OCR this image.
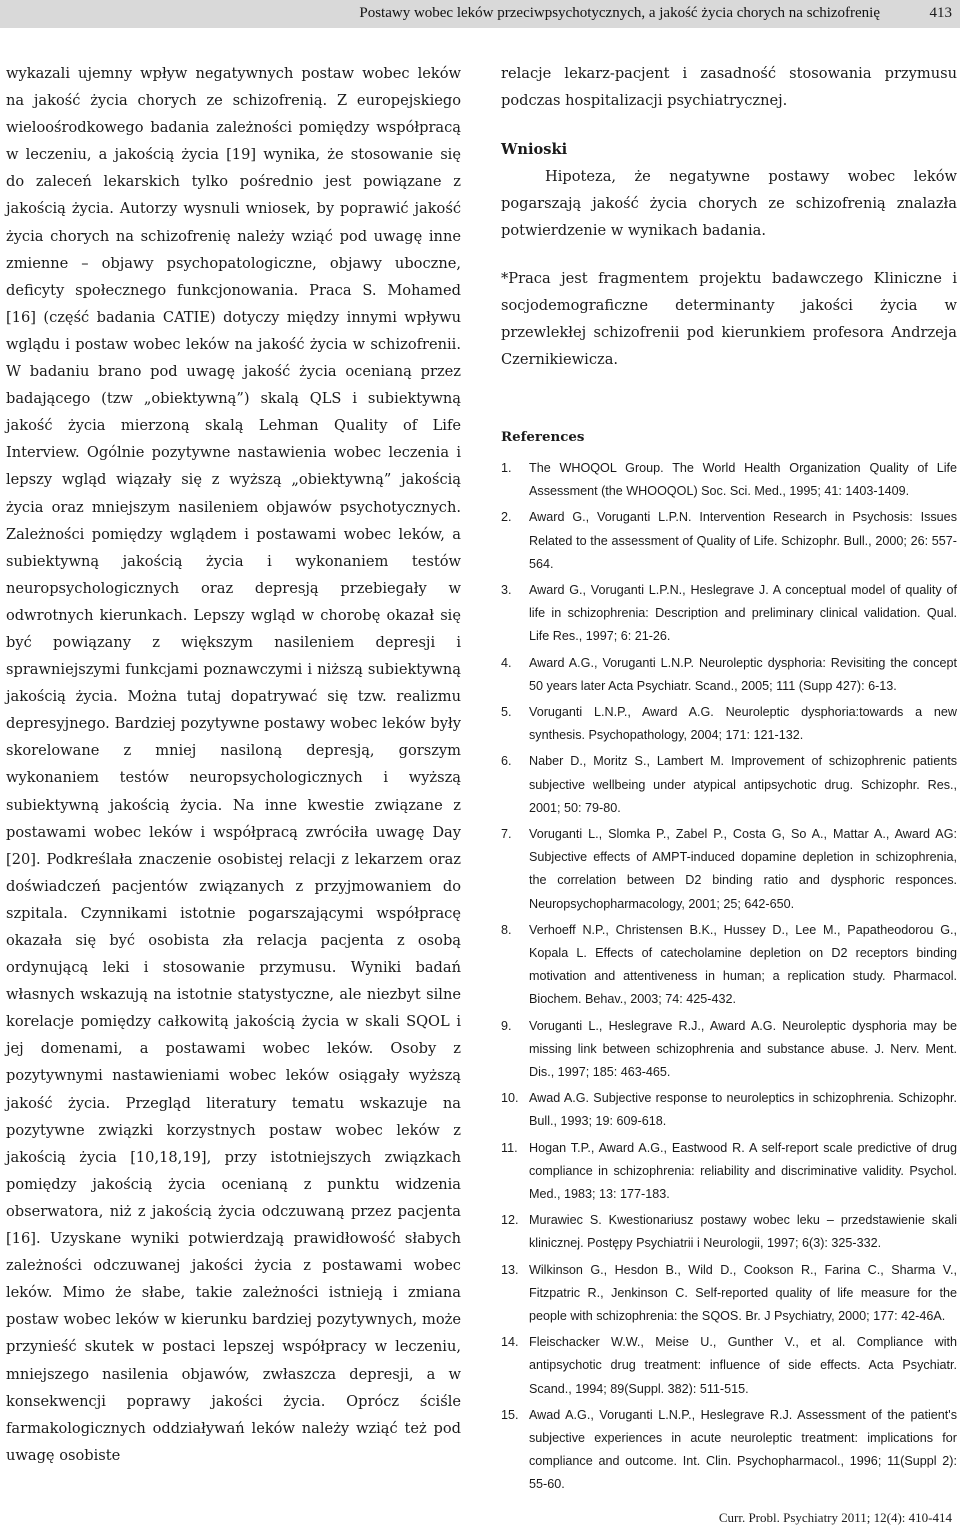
Postawy wobec leków przeciwpsychotycznych, a jakość życia chorych na schizofrenię	413

wykazali ujemny wpływ negatywnych postaw wobec leków na jakość życia chorych ze schizofrenią. Z europejskiego wieloośrodkowego badania zależności pomiędzy współpracą w leczeniu, a jakością życia [19] wynika, że stosowanie się do zaleceń lekarskich tylko pośrednio jest powiązane z jakością życia. Autorzy wysnuli wniosek, by poprawić jakość życia chorych na schizofrenię należy wziąć pod uwagę inne zmienne – objawy psychopatologiczne, objawy uboczne, deficyty społecznego funkcjonowania. Praca S. Mohamed [16] (część badania CATIE) dotyczy między innymi wpływu wglądu i postaw wobec leków na jakość życia w schizofrenii. W badaniu brano pod uwagę jakość życia ocenianą przez badającego (tzw „obiektywną”) skalą QLS i subiektywną jakość życia mierzoną skalą Lehman Quality of Life Interview. Ogólnie pozytywne nastawienia wobec leczenia i lepszy wgląd wiązały się z wyższą „obiektywną” jakością życia oraz mniejszym nasileniem objawów psychotycznych. Zależności pomiędzy wglądem i postawami wobec leków, a subiektywną jakością życia i wykonaniem testów neuropsychologicznych oraz depresją przebiegały w odwrotnych kierunkach. Lepszy wgląd w chorobę okazał się być powiązany z większym nasileniem depresji i sprawniejszymi funkcjami poznawczymi i niższą subiektywną jakością życia. Można tutaj dopatrywać się tzw. realizmu depresyjnego. Bardziej pozytywne postawy wobec leków były skorelowane z mniej nasiloną depresją, gorszym wykonaniem testów neuropsychologicznych i wyższą subiektywną jakością życia. Na inne kwestie związane z postawami wobec leków i współpracą zwróciła uwagę Day [20]. Podkreślała znaczenie osobistej relacji z lekarzem oraz doświadczeń pacjentów związanych z przyjmowaniem do szpitala. Czynnikami istotnie pogarszającymi współpracę okazała się być osobista zła relacja pacjenta z osobą ordynującą leki i stosowanie przymusu. Wyniki badań własnych wskazują na istotnie statystyczne, ale niezbyt silne korelacje pomiędzy całkowitą jakością życia w skali SQOL i jej domenami, a postawami wobec leków. Osoby z pozytywnymi nastawieniami wobec leków osiągały wyższą jakość życia. Przegląd literatury tematu wskazuje na pozytywne związki korzystnych postaw wobec leków z jakością życia [10,18,19], przy istotniejszych związkach pomiędzy jakością życia ocenianą z punktu widzenia obserwatora, niż z jakością życia odczuwaną przez pacjenta [16]. Uzyskane wyniki potwierdzają prawidłowość słabych zależności odczuwanej jakości życia z postawami wobec leków. Mimo że słabe, takie zależności istnieją i zmiana postaw wobec leków w kierunku bardziej pozytywnych, może przynieść skutek w postaci lepszej współpracy w leczeniu, mniejszego nasilenia objawów, zwłaszcza depresji, a w konsekwencji poprawy jakości życia. Oprócz ściśle farmakologicznych oddziaływań leków należy wziąć też pod uwagę osobiste

relacje lekarz-pacjent i zasadność stosowania przymusu podczas hospitalizacji psychiatrycznej.

Wnioski

Hipoteza, że negatywne postawy wobec leków pogarszają jakość życia chorych ze schizofrenią znalazła potwierdzenie w wynikach badania.

*Praca jest fragmentem projektu badawczego Kliniczne i socjodemograficzne determinanty jakości życia w przewlekłej schizofrenii pod kierunkiem profesora Andrzeja Czernikiewicza.

References
1. The WHOQOL Group. The World Health Organization Quality of Life Assessment (the WHOOQOL) Soc. Sci. Med., 1995; 41: 1403-1409.
2. Award G., Voruganti L.P.N. Intervention Research in Psychosis: Issues Related to the assessment of Quality of Life. Schizophr. Bull., 2000; 26: 557-564.
3. Award G., Voruganti L.P.N., Heslegrave J. A conceptual model of quality of life in schizophrenia: Description and preliminary clinical validation. Qual. Life Res., 1997; 6: 21-26.
4. Award A.G., Voruganti L.N.P. Neuroleptic dysphoria: Revisiting the concept 50 years later Acta Psychiatr. Scand., 2005; 111 (Supp 427): 6-13.
5. Voruganti L.N.P., Award A.G. Neuroleptic dysphoria:towards a new synthesis. Psychopathology, 2004; 171: 121-132.
6. Naber D., Moritz S., Lambert M. Improvement of schizophrenic patients subjective wellbeing under atypical antipsychotic drug. Schizophr. Res., 2001; 50: 79-80.
7. Voruganti L., Slomka P., Zabel P., Costa G, So A., Mattar A., Award AG: Subjective effects of AMPT-induced dopamine depletion in schizophrenia, the correlation between D2 binding ratio and dysphoric responces. Neuropsychopharmacology, 2001; 25; 642-650.
8. Verhoeff N.P., Christensen B.K., Hussey D., Lee M., Papatheodorou G., Kopala L. Effects of catecholamine depletion on D2 receptors binding motivation and attentiveness in human; a replication study. Pharmacol. Biochem. Behav., 2003; 74: 425-432.
9. Voruganti L., Heslegrave R.J., Award A.G. Neuroleptic dysphoria may be missing link between schizophrenia and substance abuse. J. Nerv. Ment. Dis., 1997; 185: 463-465.
10. Awad A.G. Subjective response to neuroleptics in schizophrenia. Schizophr. Bull., 1993; 19: 609-618.
11. Hogan T.P., Award A.G., Eastwood R. A self-report scale predictive of drug compliance in schizophrenia: reliability and discriminative validity. Psychol. Med., 1983; 13: 177-183.
12. Murawiec S. Kwestionariusz postawy wobec leku – przedstawienie skali klinicznej. Postępy Psychiatrii i Neurologii, 1997; 6(3): 325-332.
13. Wilkinson G., Hesdon B., Wild D., Cookson R., Farina C., Sharma V., Fitzpatric R., Jenkinson C. Self-reported quality of life measure for the people with schizophrenia: the SQOS. Br. J Psychiatry, 2000; 177: 42-46A.
14. Fleischacker W.W., Meise U., Gunther V., et al. Compliance with antipsychotic drug treatment: influence of side effects. Acta Psychiatr. Scand., 1994; 89(Suppl. 382): 511-515.
15. Awad A.G., Voruganti L.N.P., Heslegrave R.J. Assessment of the patient's subjective experiences in acute neuroleptic treatment: implications for compliance and outcome. Int. Clin. Psychopharmacol., 1996; 11(Suppl 2): 55-60.
Curr. Probl. Psychiatry 2011; 12(4): 410-414
